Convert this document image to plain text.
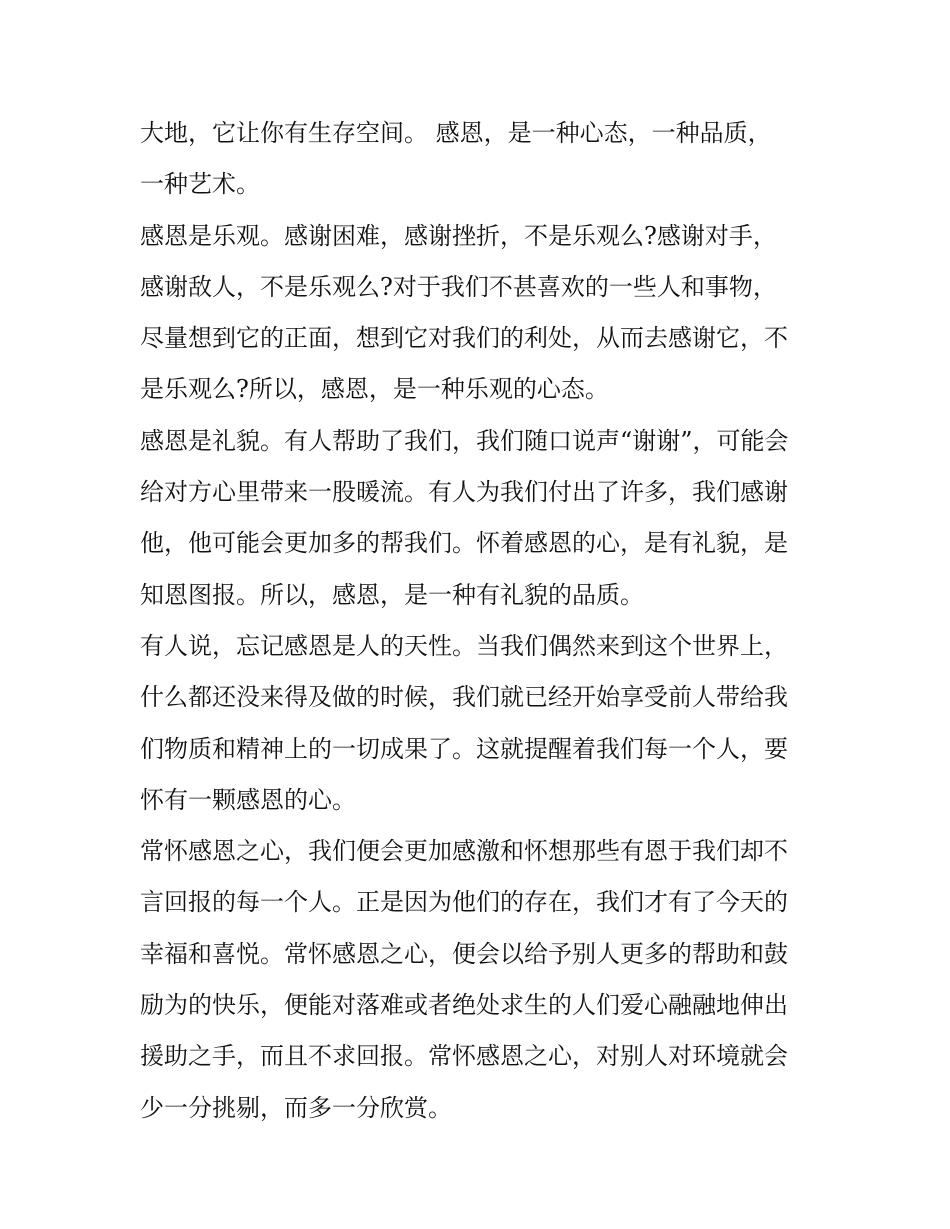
大地，它让你有生存空间。 感恩，是一种心态，一种品质，
一种艺术。
感恩是乐观。感谢困难，感谢挫折，不是乐观么?感谢对手，
感谢敌人，不是乐观么?对于我们不甚喜欢的一些人和事物，
尽量想到它的正面，想到它对我们的利处，从而去感谢它，不
是乐观么?所以，感恩，是一种乐观的心态。
感恩是礼貌。有人帮助了我们，我们随口说声“谢谢”，可能会
给对方心里带来一股暖流。有人为我们付出了许多，我们感谢
他，他可能会更加多的帮我们。怀着感恩的心，是有礼貌，是
知恩图报。所以，感恩，是一种有礼貌的品质。
有人说，忘记感恩是人的天性。当我们偶然来到这个世界上，
什么都还没来得及做的时候，我们就已经开始享受前人带给我
们物质和精神上的一切成果了。这就提醒着我们每一个人，要
怀有一颗感恩的心。
常怀感恩之心，我们便会更加感激和怀想那些有恩于我们却不
言回报的每一个人。正是因为他们的存在，我们才有了今天的
幸福和喜悦。常怀感恩之心，便会以给予别人更多的帮助和鼓
励为的快乐，便能对落难或者绝处求生的人们爱心融融地伸出
援助之手，而且不求回报。常怀感恩之心，对别人对环境就会
少一分挑剔，而多一分欣赏。
